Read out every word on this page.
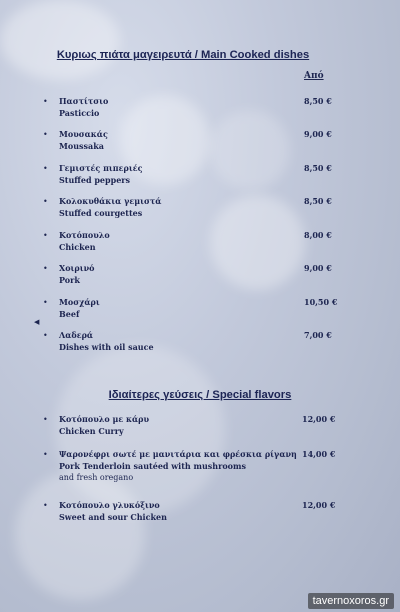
Κυριως πιάτα μαγειρευτά / Main Cooked dishes
Από
• Παστίτσιο
Pasticcio
8,50 €
• Μουσακάς
Moussaka
9,00 €
• Γεμιστές πιπεριές
Stuffed peppers
8,50 €
• Κολοκυθάκια γεμιστά
Stuffed courgettes
8,50 €
• Κοτόπουλο
Chicken
8,00 €
• Χοιρινό
Pork
9,00 €
• Μοσχάρι
Beef
10,50 €
• Λαδερά
Dishes with oil sauce
7,00 €
◀
Ιδιαίτερες γεύσεις / Special flavors
• Κοτόπουλο με κάρυ
Chicken Curry
12,00 €
• Ψαρονέφρι σωτέ με μανιτάρια και φρέσκια ρίγανη
Pork Tenderloin sautéed with mushrooms
and fresh oregano
14,00 €
• Κοτόπουλο γλυκόξινο
Sweet and sour Chicken
12,00 €
tavernoxoros.gr
